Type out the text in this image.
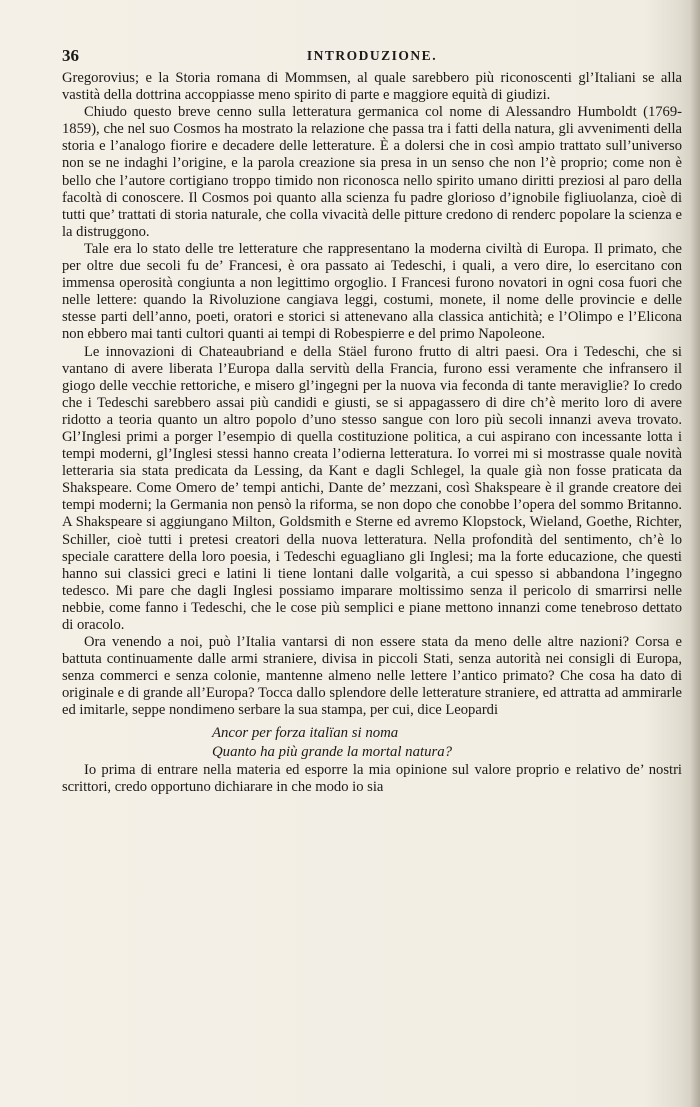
36	INTRODUZIONE.

Gregorovius; e la Storia romana di Mommsen, al quale sarebbero più riconoscenti gl’Italiani se alla vastità della dottrina accoppiasse meno spirito di parte e maggiore equità di giudizi.

Chiudo questo breve cenno sulla letteratura germanica col nome di Alessandro Humboldt (1769-1859), che nel suo Cosmos ha mostrato la relazione che passa tra i fatti della natura, gli avvenimenti della storia e l’analogo fiorire e decadere delle letterature. È a dolersi che in così ampio trattato sull’universo non se ne indaghi l’origine, e la parola creazione sia presa in un senso che non l’è proprio; come non è bello che l’autore cortigiano troppo timido non riconosca nello spirito umano diritti preziosi al paro della facoltà di conoscere. Il Cosmos poi quanto alla scienza fu padre glorioso d’ignobile figliuolanza, cioè di tutti que’ trattati di storia naturale, che colla vivacità delle pitture credono di renderc popolare la scienza e la distruggono.

Tale era lo stato delle tre letterature che rappresentano la moderna civiltà di Europa. Il primato, che per oltre due secoli fu de’ Francesi, è ora passato ai Tedeschi, i quali, a vero dire, lo esercitano con immensa operosità congiunta a non legittimo orgoglio. I Francesi furono novatori in ogni cosa fuori che nelle lettere: quando la Rivoluzione cangiava leggi, costumi, monete, il nome delle provincie e delle stesse parti dell’anno, poeti, oratori e storici si attenevano alla classica antichità; e l’Olimpo e l’Elicona non ebbero mai tanti cultori quanti ai tempi di Robespierre e del primo Napoleone.

Le innovazioni di Chateaubriand e della Stäel furono frutto di altri paesi. Ora i Tedeschi, che si vantano di avere liberata l’Europa dalla servitù della Francia, furono essi veramente che infransero il giogo delle vecchie rettoriche, e misero gl’ingegni per la nuova via feconda di tante meraviglie? Io credo che i Tedeschi sarebbero assai più candidi e giusti, se si appagassero di dire ch’è merito loro di avere ridotto a teoria quanto un altro popolo d’uno stesso sangue con loro più secoli innanzi aveva trovato. Gl’Inglesi primi a porger l’esempio di quella costituzione politica, a cui aspirano con incessante lotta i tempi moderni, gl’Inglesi stessi hanno creata l’odierna letteratura. Io vorrei mi si mostrasse quale novità letteraria sia stata predicata da Lessing, da Kant e dagli Schlegel, la quale già non fosse praticata da Shakspeare. Come Omero de’ tempi antichi, Dante de’ mezzani, così Shakspeare è il grande creatore dei tempi moderni; la Germania non pensò la riforma, se non dopo che conobbe l’opera del sommo Britanno. A Shakspeare si aggiungano Milton, Goldsmith e Sterne ed avremo Klopstock, Wieland, Goethe, Richter, Schiller, cioè tutti i pretesi creatori della nuova letteratura. Nella profondità del sentimento, ch’è lo speciale carattere della loro poesia, i Tedeschi eguagliano gli Inglesi; ma la forte educazione, che questi hanno sui classici greci e latini li tiene lontani dalle volgarità, a cui spesso si abbandona l’ingegno tedesco. Mi pare che dagli Inglesi possiamo imparare moltissimo senza il pericolo di smarrirsi nelle nebbie, come fanno i Tedeschi, che le cose più semplici e piane mettono innanzi come tenebroso dettato di oracolo.

Ora venendo a noi, può l’Italia vantarsi di non essere stata da meno delle altre nazioni? Corsa e battuta continuamente dalle armi straniere, divisa in piccoli Stati, senza autorità nei consigli di Europa, senza commerci e senza colonie, mantenne almeno nelle lettere l’antico primato? Che cosa ha dato di originale e di grande all’Europa? Tocca dallo splendore delle letterature straniere, ed attratta ad ammirarle ed imitarle, seppe nondimeno serbare la sua stampa, per cui, dice Leopardi

Ancor per forza italïan si noma
Quanto ha più grande la mortal natura?

Io prima di entrare nella materia ed esporre la mia opinione sul valore proprio e relativo de’ nostri scrittori, credo opportuno dichiarare in che modo io sia
